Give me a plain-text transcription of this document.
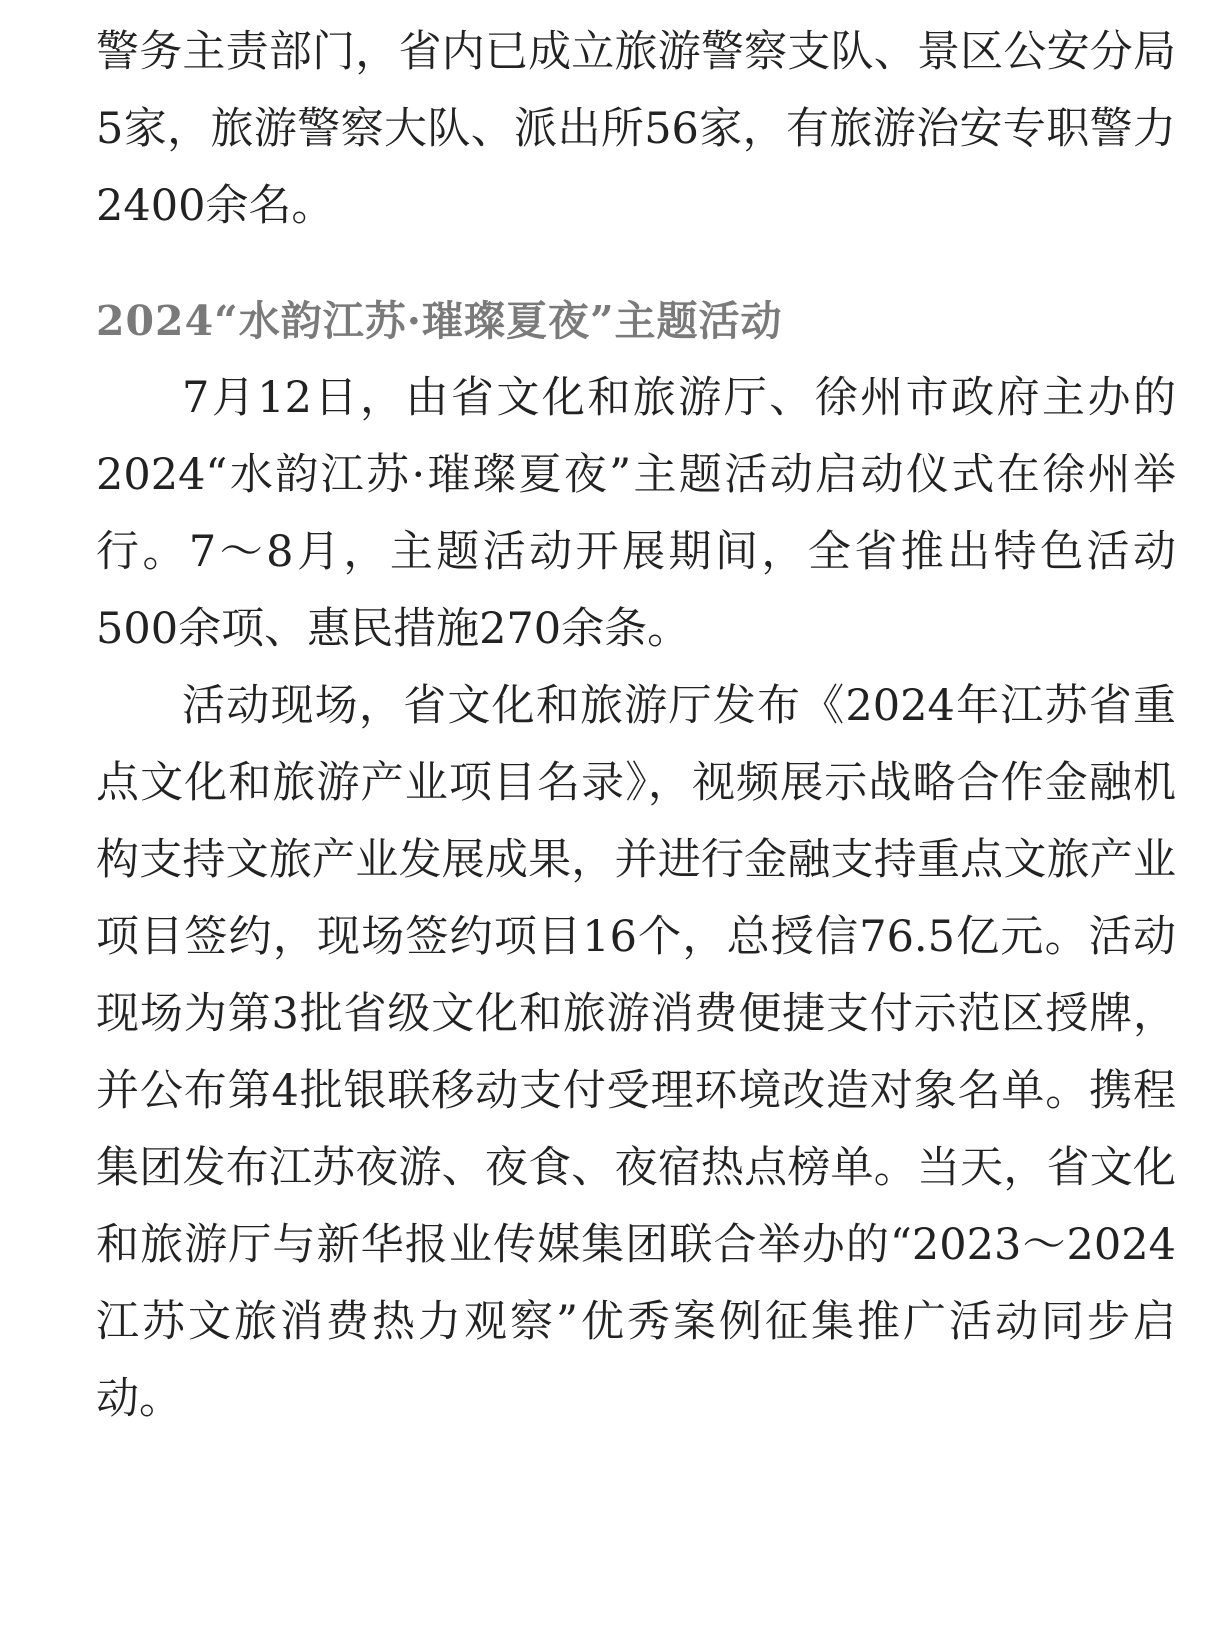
警务主责部门，省内已成立旅游警察支队、景区公安分局5家，旅游警察大队、派出所56家，有旅游治安专职警力2400余名。

2024“水韵江苏·璀璨夏夜”主题活动

7月12日，由省文化和旅游厅、徐州市政府主办的2024“水韵江苏·璀璨夏夜”主题活动启动仪式在徐州举行。7～8月，主题活动开展期间，全省推出特色活动500余项、惠民措施270余条。

活动现场，省文化和旅游厅发布《2024年江苏省重点文化和旅游产业项目名录》，视频展示战略合作金融机构支持文旅产业发展成果，并进行金融支持重点文旅产业项目签约，现场签约项目16个，总授信76.5亿元。活动现场为第3批省级文化和旅游消费便捷支付示范区授牌，并公布第4批银联移动支付受理环境改造对象名单。携程集团发布江苏夜游、夜食、夜宿热点榜单。当天，省文化和旅游厅与新华报业传媒集团联合举办的“2023～2024江苏文旅消费热力观察”优秀案例征集推广活动同步启动。
